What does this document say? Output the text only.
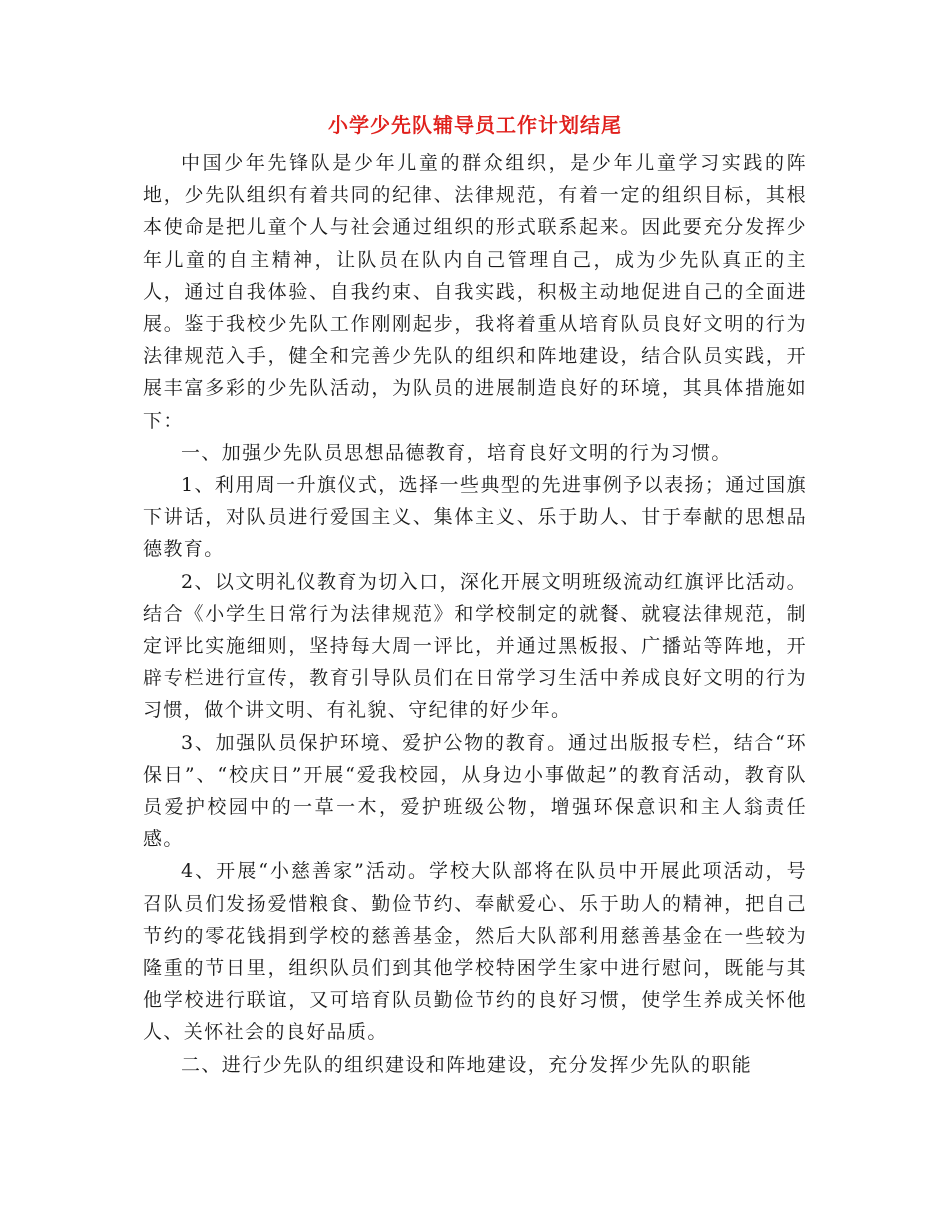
小学少先队辅导员工作计划结尾

中国少年先锋队是少年儿童的群众组织，是少年儿童学习实践的阵地，少先队组织有着共同的纪律、法律规范，有着一定的组织目标，其根本使命是把儿童个人与社会通过组织的形式联系起来。因此要充分发挥少年儿童的自主精神，让队员在队内自己管理自己，成为少先队真正的主人，通过自我体验、自我约束、自我实践，积极主动地促进自己的全面进展。鉴于我校少先队工作刚刚起步，我将着重从培育队员良好文明的行为法律规范入手，健全和完善少先队的组织和阵地建设，结合队员实践，开展丰富多彩的少先队活动，为队员的进展制造良好的环境，其具体措施如下：

一、加强少先队员思想品德教育，培育良好文明的行为习惯。

1、利用周一升旗仪式，选择一些典型的先进事例予以表扬；通过国旗下讲话，对队员进行爱国主义、集体主义、乐于助人、甘于奉献的思想品德教育。

2、以文明礼仪教育为切入口，深化开展文明班级流动红旗评比活动。结合《小学生日常行为法律规范》和学校制定的就餐、就寝法律规范，制定评比实施细则，坚持每大周一评比，并通过黑板报、广播站等阵地，开辟专栏进行宣传，教育引导队员们在日常学习生活中养成良好文明的行为习惯，做个讲文明、有礼貌、守纪律的好少年。

3、加强队员保护环境、爱护公物的教育。通过出版报专栏，结合“环保日”、“校庆日”开展“爱我校园，从身边小事做起”的教育活动，教育队员爱护校园中的一草一木，爱护班级公物，增强环保意识和主人翁责任感。

4、开展“小慈善家”活动。学校大队部将在队员中开展此项活动，号召队员们发扬爱惜粮食、勤俭节约、奉献爱心、乐于助人的精神，把自己节约的零花钱捐到学校的慈善基金，然后大队部利用慈善基金在一些较为隆重的节日里，组织队员们到其他学校特困学生家中进行慰问，既能与其他学校进行联谊，又可培育队员勤俭节约的良好习惯，使学生养成关怀他人、关怀社会的良好品质。

二、进行少先队的组织建设和阵地建设，充分发挥少先队的职能
